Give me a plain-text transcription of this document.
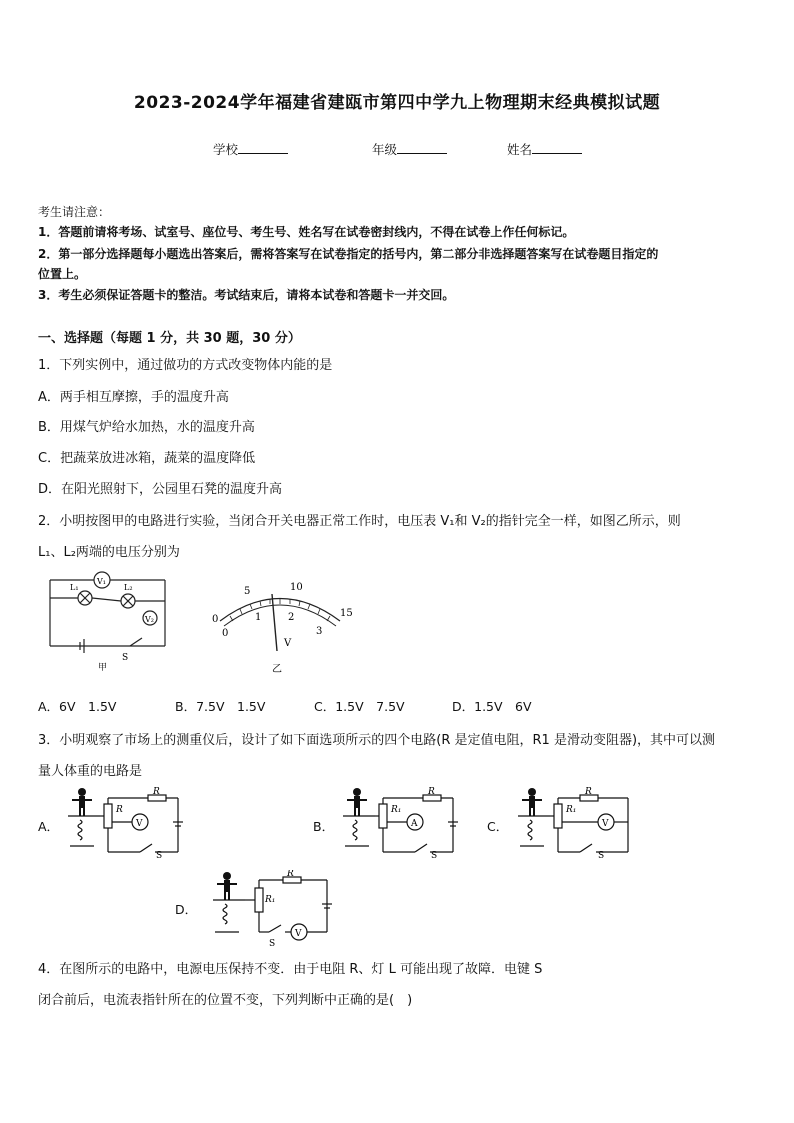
2023-2024学年福建省建瓯市第四中学九上物理期末经典模拟试题
学校	年级	姓名
考生请注意：
1．答题前请将考场、试室号、座位号、考生号、姓名写在试卷密封线内，不得在试卷上作任何标记。
2．第一部分选择题每小题选出答案后，需将答案写在试卷指定的括号内，第二部分非选择题答案写在试卷题目指定的
位置上。
3．考生必须保证答题卡的整洁。考试结束后，请将本试卷和答题卡一并交回。
一、选择题（每题 1 分，共 30 题，30 分）
1．下列实例中，通过做功的方式改变物体内能的是
A．两手相互摩擦，手的温度升高
B．用煤气炉给水加热，水的温度升高
C．把蔬菜放进冰箱，蔬菜的温度降低
D．在阳光照射下，公园里石凳的温度升高
2．小明按图甲的电路进行实验，当闭合开关电器正常工作时，电压表 V₁和 V₂的指针完全一样，如图乙所示，则
L₁、L₂两端的电压分别为
V₁
L₁	L₂
V₂
S
甲
0
5	10
15
0
1	2
3
V
乙
A．6V　1.5V	B．7.5V　1.5V	C．1.5V　7.5V	D．1.5V　6V
3．小明观察了市场上的测重仪后，设计了如下面选项所示的四个电路(R 是定值电阻，R1 是滑动变阻器)，其中可以测
量人体重的电路是
A．	B．	C．
D．
R
R
V
S
R₁
R
A
S
R₁
R
V
S
R₁
R
V
S
4．在图所示的电路中，电源电压保持不变．由于电阻 R、灯 L 可能出现了故障．电键 S
闭合前后，电流表指针所在的位置不变，下列判断中正确的是(　)
